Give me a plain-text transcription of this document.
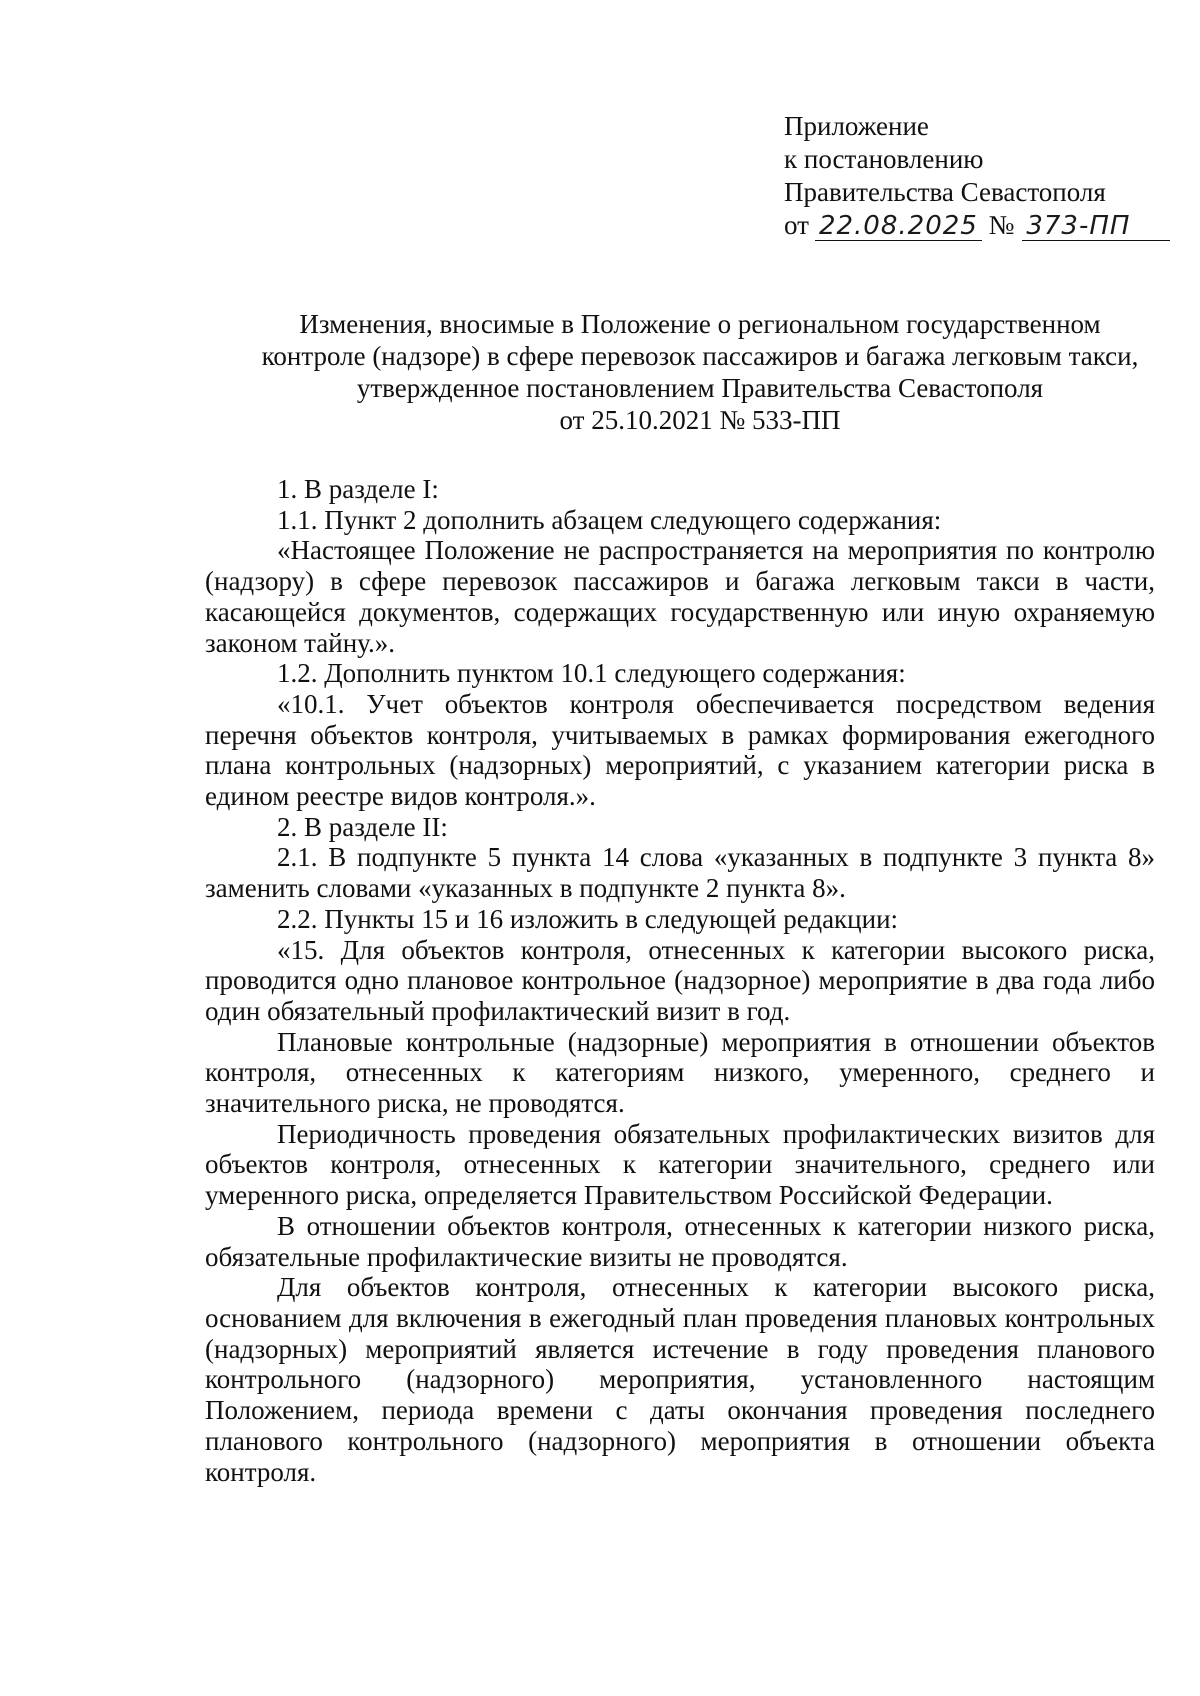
Приложение
к постановлению
Правительства Севастополя
от 22.08.2025 № 373-ПП
Изменения, вносимые в Положение о региональном государственном
контроле (надзоре) в сфере перевозок пассажиров и багажа легковым такси,
утвержденное постановлением Правительства Севастополя
от 25.10.2021 № 533-ПП

1. В разделе I:

1.1. Пункт 2 дополнить абзацем следующего содержания:

«Настоящее Положение не распространяется на мероприятия по контролю (надзору) в сфере перевозок пассажиров и багажа легковым такси в части, касающейся документов, содержащих государственную или иную охраняемую законом тайну.».

1.2. Дополнить пунктом 10.1 следующего содержания:

«10.1. Учет объектов контроля обеспечивается посредством ведения перечня объектов контроля, учитываемых в рамках формирования ежегодного плана контрольных (надзорных) мероприятий, с указанием категории риска в едином реестре видов контроля.».

2. В разделе II:

2.1. В подпункте 5 пункта 14 слова «указанных в подпункте 3 пункта 8» заменить словами «указанных в подпункте 2 пункта 8».

2.2. Пункты 15 и 16 изложить в следующей редакции:

«15. Для объектов контроля, отнесенных к категории высокого риска, проводится одно плановое контрольное (надзорное) мероприятие в два года либо один обязательный профилактический визит в год.

Плановые контрольные (надзорные) мероприятия в отношении объектов контроля, отнесенных к категориям низкого, умеренного, среднего и значительного риска, не проводятся.

Периодичность проведения обязательных профилактических визитов для объектов контроля, отнесенных к категории значительного, среднего или умеренного риска, определяется Правительством Российской Федерации.

В отношении объектов контроля, отнесенных к категории низкого риска, обязательные профилактические визиты не проводятся.

Для объектов контроля, отнесенных к категории высокого риска, основанием для включения в ежегодный план проведения плановых контрольных (надзорных) мероприятий является истечение в году проведения планового контрольного (надзорного) мероприятия, установленного настоящим Положением, периода времени с даты окончания проведения последнего планового контрольного (надзорного) мероприятия в отношении объекта контроля.
